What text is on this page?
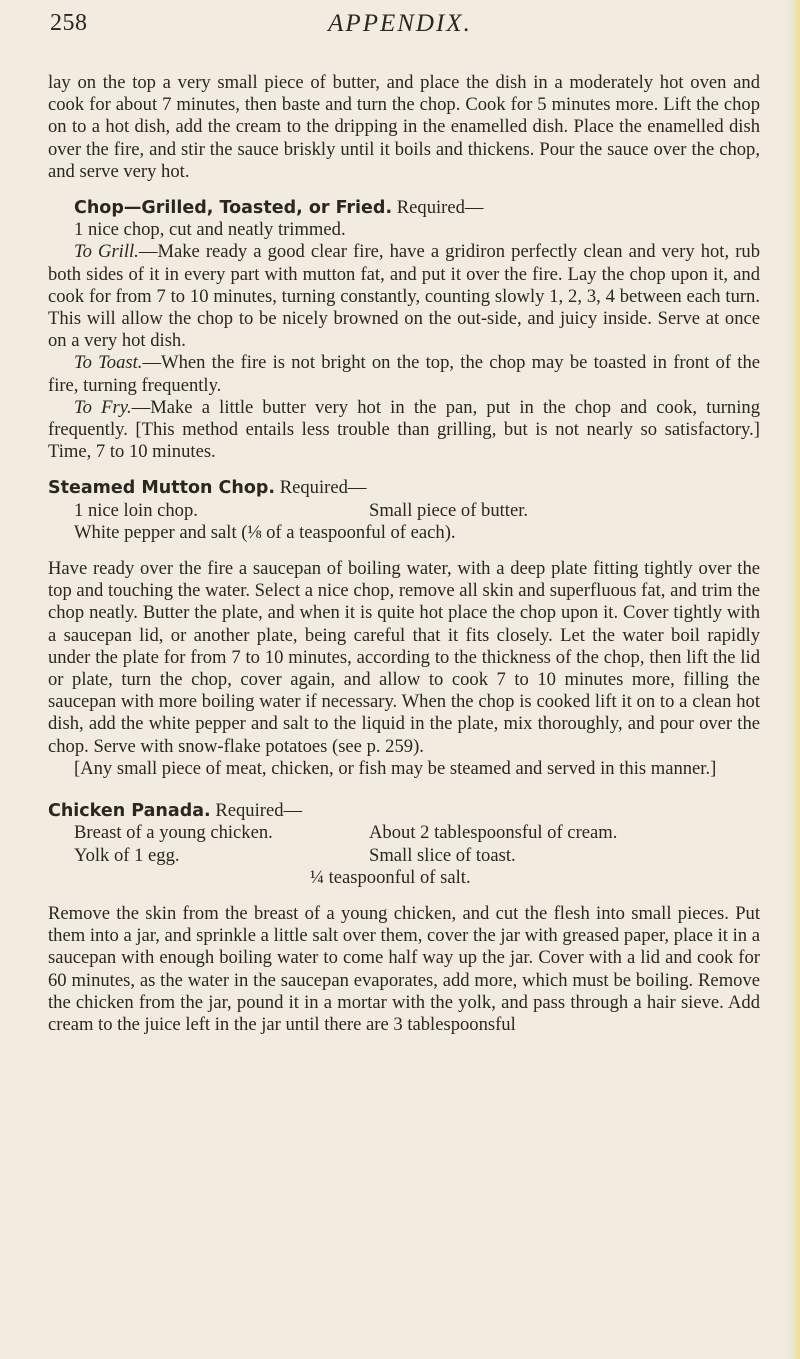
258	APPENDIX.

lay on the top a very small piece of butter, and place the dish in a moderately hot oven and cook for about 7 minutes, then baste and turn the chop. Cook for 5 minutes more. Lift the chop on to a hot dish, add the cream to the dripping in the enamelled dish. Place the enamelled dish over the fire, and stir the sauce briskly until it boils and thickens. Pour the sauce over the chop, and serve very hot.

Chop—Grilled, Toasted, or Fried. Required—

1 nice chop, cut and neatly trimmed.

To Grill.—Make ready a good clear fire, have a gridiron perfectly clean and very hot, rub both sides of it in every part with mutton fat, and put it over the fire. Lay the chop upon it, and cook for from 7 to 10 minutes, turning constantly, counting slowly 1, 2, 3, 4 between each turn. This will allow the chop to be nicely browned on the out-side, and juicy inside. Serve at once on a very hot dish.

To Toast.—When the fire is not bright on the top, the chop may be toasted in front of the fire, turning frequently.

To Fry.—Make a little butter very hot in the pan, put in the chop and cook, turning frequently. [This method entails less trouble than grilling, but is not nearly so satisfactory.] Time, 7 to 10 minutes.

Steamed Mutton Chop. Required—

1 nice loin chop.	Small piece of butter.
White pepper and salt (⅛ of a teaspoonful of each).

Have ready over the fire a saucepan of boiling water, with a deep plate fitting tightly over the top and touching the water. Select a nice chop, remove all skin and superfluous fat, and trim the chop neatly. Butter the plate, and when it is quite hot place the chop upon it. Cover tightly with a saucepan lid, or another plate, being careful that it fits closely. Let the water boil rapidly under the plate for from 7 to 10 minutes, according to the thickness of the chop, then lift the lid or plate, turn the chop, cover again, and allow to cook 7 to 10 minutes more, filling the saucepan with more boiling water if necessary. When the chop is cooked lift it on to a clean hot dish, add the white pepper and salt to the liquid in the plate, mix thoroughly, and pour over the chop. Serve with snow-flake potatoes (see p. 259).

[Any small piece of meat, chicken, or fish may be steamed and served in this manner.]

Chicken Panada. Required—

Breast of a young chicken.	About 2 tablespoonsful of cream.
Yolk of 1 egg.	Small slice of toast.
¼ teaspoonful of salt.

Remove the skin from the breast of a young chicken, and cut the flesh into small pieces. Put them into a jar, and sprinkle a little salt over them, cover the jar with greased paper, place it in a saucepan with enough boiling water to come half way up the jar. Cover with a lid and cook for 60 minutes, as the water in the saucepan evaporates, add more, which must be boiling. Remove the chicken from the jar, pound it in a mortar with the yolk, and pass through a hair sieve. Add cream to the juice left in the jar until there are 3 tablespoonsful
